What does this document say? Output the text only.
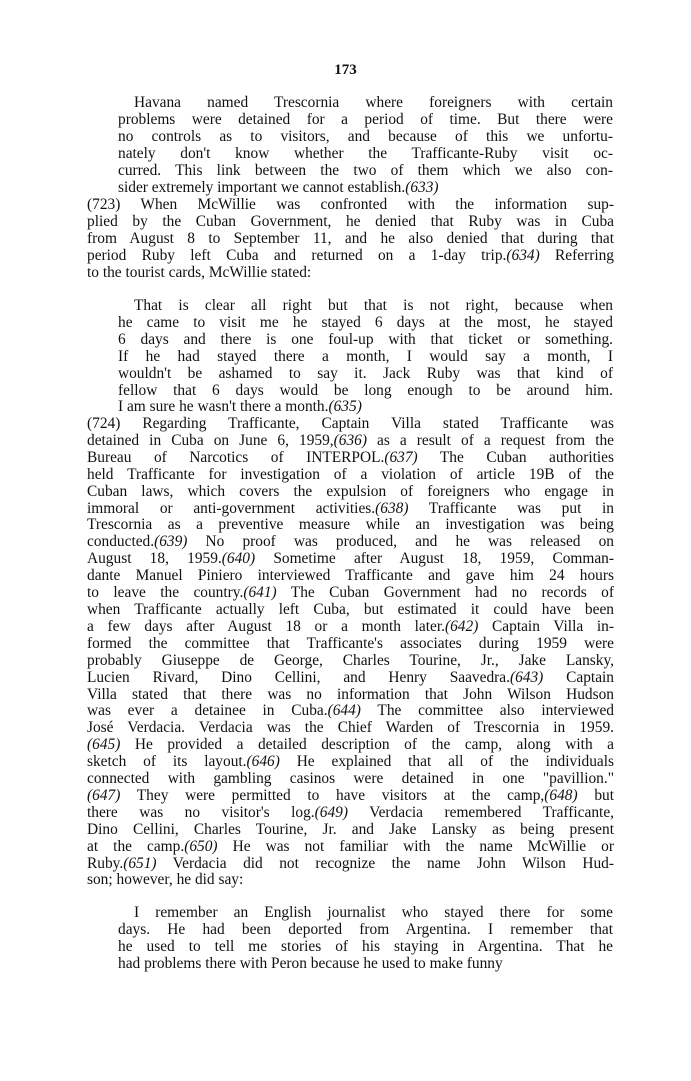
173
Havana named Trescornia where foreigners with certain
problems were detained for a period of time. But there were
no controls as to visitors, and because of this we unfortu-
nately don't know whether the Trafficante-Ruby visit oc-
curred. This link between the two of them which we also con-
sider extremely important we cannot establish.(633)
(723) When McWillie was confronted with the information sup-
plied by the Cuban Government, he denied that Ruby was in Cuba
from August 8 to September 11, and he also denied that during that
period Ruby left Cuba and returned on a 1-day trip.(634) Referring
to the tourist cards, McWillie stated:
That is clear all right but that is not right, because when
he came to visit me he stayed 6 days at the most, he stayed
6 days and there is one foul-up with that ticket or something.
If he had stayed there a month, I would say a month, I
wouldn't be ashamed to say it. Jack Ruby was that kind of
fellow that 6 days would be long enough to be around him.
I am sure he wasn't there a month.(635)
(724) Regarding Trafficante, Captain Villa stated Trafficante was
detained in Cuba on June 6, 1959,(636) as a result of a request from the
Bureau of Narcotics of INTERPOL.(637) The Cuban authorities
held Trafficante for investigation of a violation of article 19B of the
Cuban laws, which covers the expulsion of foreigners who engage in
immoral or anti-government activities.(638) Trafficante was put in
Trescornia as a preventive measure while an investigation was being
conducted.(639) No proof was produced, and he was released on
August 18, 1959.(640) Sometime after August 18, 1959, Comman-
dante Manuel Piniero interviewed Trafficante and gave him 24 hours
to leave the country.(641) The Cuban Government had no records of
when Trafficante actually left Cuba, but estimated it could have been
a few days after August 18 or a month later.(642) Captain Villa in-
formed the committee that Trafficante's associates during 1959 were
probably Giuseppe de George, Charles Tourine, Jr., Jake Lansky,
Lucien Rivard, Dino Cellini, and Henry Saavedra.(643) Captain
Villa stated that there was no information that John Wilson Hudson
was ever a detainee in Cuba.(644) The committee also interviewed
José Verdacia. Verdacia was the Chief Warden of Trescornia in 1959.
(645) He provided a detailed description of the camp, along with a
sketch of its layout.(646) He explained that all of the individuals
connected with gambling casinos were detained in one "pavillion."
(647) They were permitted to have visitors at the camp,(648) but
there was no visitor's log.(649) Verdacia remembered Trafficante,
Dino Cellini, Charles Tourine, Jr. and Jake Lansky as being present
at the camp.(650) He was not familiar with the name McWillie or
Ruby.(651) Verdacia did not recognize the name John Wilson Hud-
son; however, he did say:
I remember an English journalist who stayed there for some
days. He had been deported from Argentina. I remember that
he used to tell me stories of his staying in Argentina. That he
had problems there with Peron because he used to make funny
